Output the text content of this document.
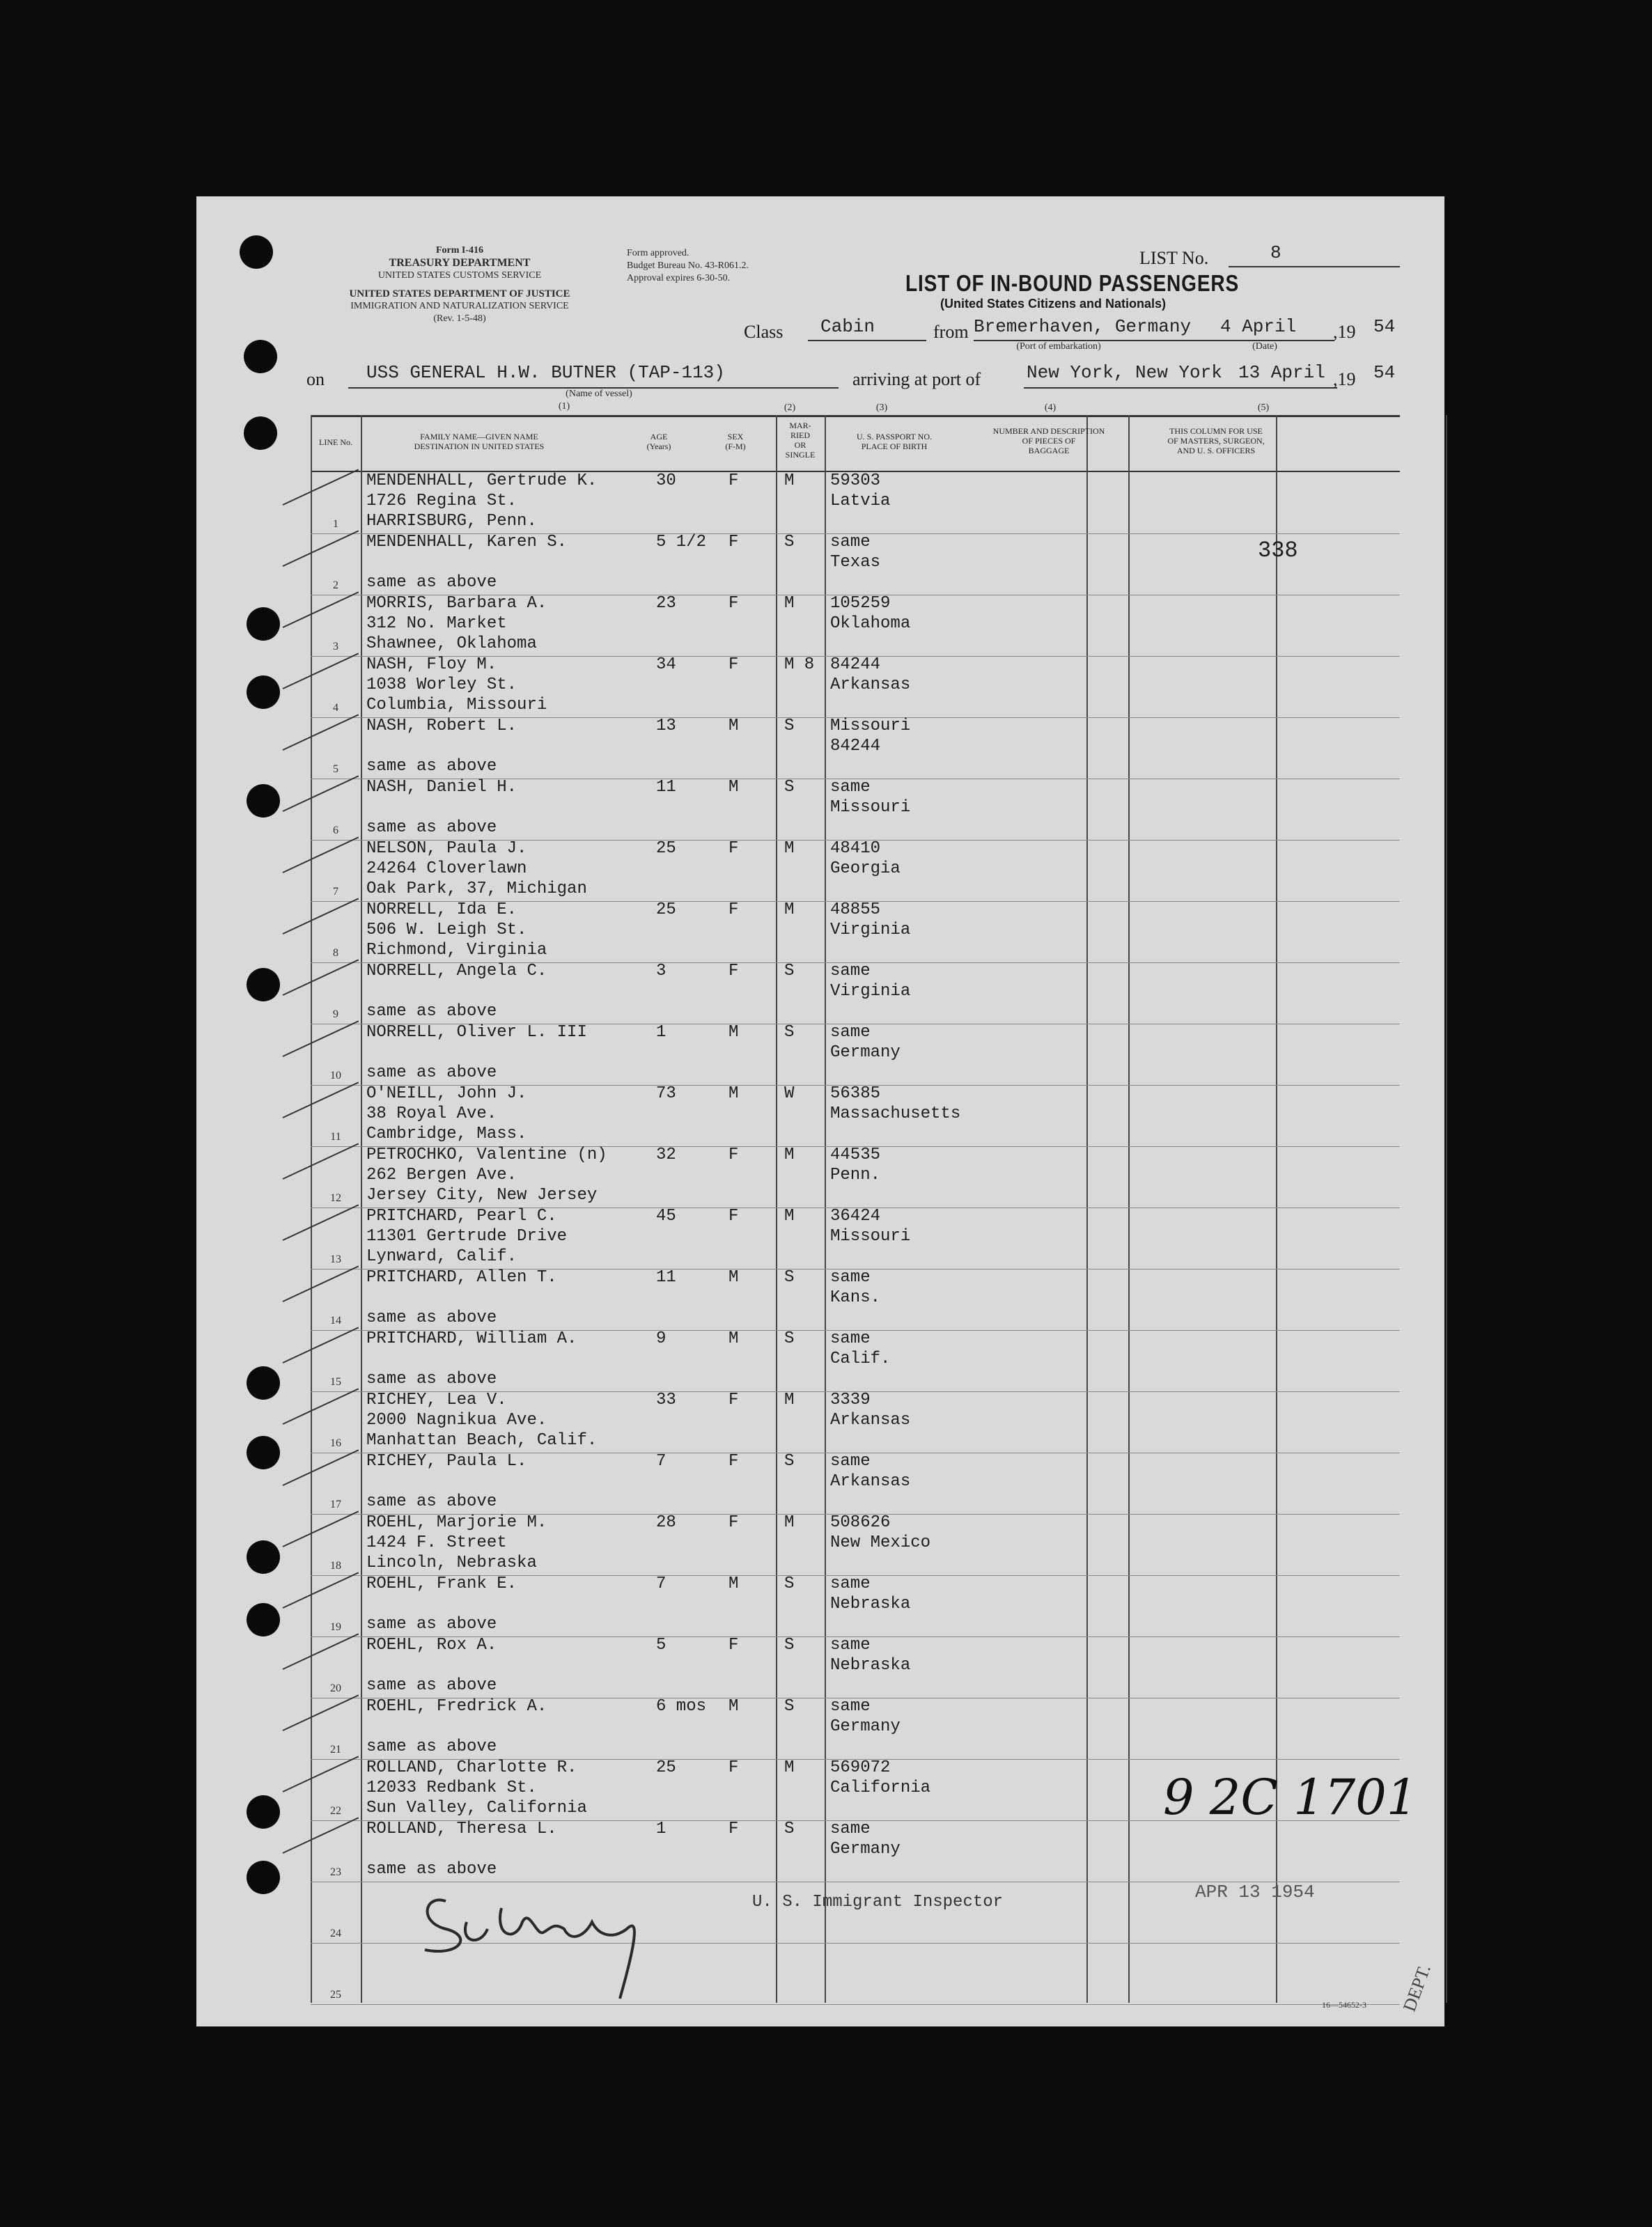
Form I-416
TREASURY DEPARTMENT
UNITED STATES CUSTOMS SERVICE
UNITED STATES DEPARTMENT OF JUSTICE
IMMIGRATION AND NATURALIZATION SERVICE
(Rev. 1-5-48)
Form approved.
Budget Bureau No. 43-R061.2.
Approval expires 6-30-50.
LIST No.	8
LIST OF IN-BOUND PASSENGERS
(United States Citizens and Nationals)
Class Cabin	from Bremerhaven, Germany 4 April
(Port of embarkation)	(Date)
,19 54
on USS GENERAL H.W. BUTNER (TAP-113)
(Name of vessel)
(1)
arriving at port of	New York, New York 13 April ,19 54
(2)	(3)	(4)	(5)
LINE No.
FAMILY NAME—GIVEN NAME
DESTINATION IN UNITED STATES
AGE
(Years)
SEX
(F-M)
MAR-
RIED
OR
SINGLE
U. S. PASSPORT NO.
PLACE OF BIRTH
NUMBER AND DESCRIPTION
OF PIECES OF
BAGGAGE
THIS COLUMN FOR USE
OF MASTERS, SURGEON,
AND U. S. OFFICERS
1
MENDENHALL, Gertrude K.
1726 Regina St.
HARRISBURG, Penn.
30	F	M 59303
Latvia
2
MENDENHALL, Karen S.

same as above
5 1/2 F	S same
Texas	338
3
MORRIS, Barbara A.
312 No. Market
Shawnee, Oklahoma
23	F	M 105259
Oklahoma
4
NASH, Floy M.
1038 Worley St.
Columbia, Missouri
34	F	M 8 84244
Arkansas
5
NASH, Robert L.

same as above
13	M	S Missouri
84244
6
NASH, Daniel H.

same as above
11	M	S same
Missouri
7
NELSON, Paula J.
24264 Cloverlawn
Oak Park, 37, Michigan
25	F	M 48410
Georgia
8
NORRELL, Ida E.
506 W. Leigh St.
Richmond, Virginia
25	F	M 48855
Virginia
9
NORRELL, Angela C.

same as above
3	F	S same
Virginia
10
NORRELL, Oliver L. III

same as above
1	M	S same
Germany
11
O'NEILL, John J.
38 Royal Ave.
Cambridge, Mass.
73	M	W 56385
Massachusetts
12
PETROCHKO, Valentine (n)
262 Bergen Ave.
Jersey City, New Jersey
32	F	M 44535
Penn.
13
PRITCHARD, Pearl C.
11301 Gertrude Drive
Lynward, Calif.
45	F	M 36424
Missouri
14
PRITCHARD, Allen T.

same as above
11	M	S same
Kans.
15
PRITCHARD, William A.

same as above
9	M	S same
Calif.
16
RICHEY, Lea V.
2000 Nagnikua Ave.
Manhattan Beach, Calif.
33	F	M 3339
Arkansas
17
RICHEY, Paula L.

same as above
7	F	S same
Arkansas
18
ROEHL, Marjorie M.
1424 F. Street
Lincoln, Nebraska
28	F	M 508626
New Mexico
19
ROEHL, Frank E.

same as above
7	M	S same
Nebraska
20
ROEHL, Rox A.

same as above
5	F	S same
Nebraska
21
ROEHL, Fredrick A.

same as above
6 mos M	S same
Germany
22
ROLLAND, Charlotte R.
12033 Redbank St.
Sun Valley, California
25	F	M 569072
California
23
ROLLAND, Theresa L.

same as above
1	F	S same
Germany
24
25
U. S. Immigrant Inspector	APR 13 1954
9 2C 1701
DEPT.
16—54652-3
